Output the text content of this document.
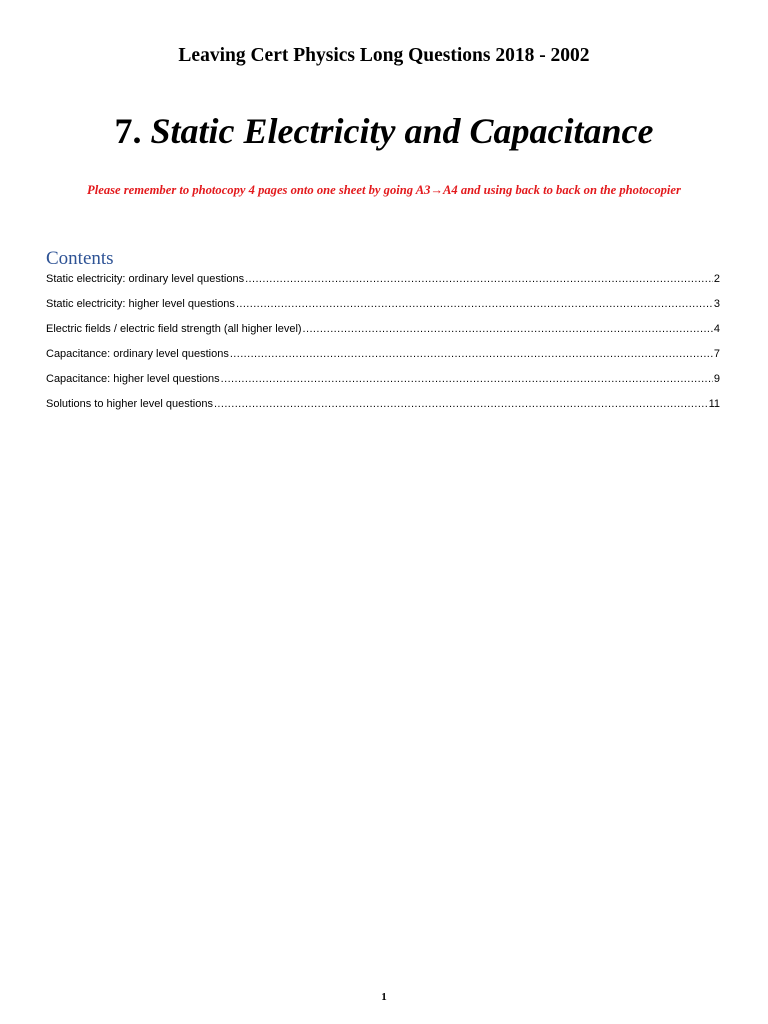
Leaving Cert Physics Long Questions 2018 - 2002
7. Static Electricity and Capacitance
Please remember to photocopy 4 pages onto one sheet by going A3→A4 and using back to back on the photocopier
Contents
Static electricity: ordinary level questions .....	2
Static electricity: higher level questions .....	3
Electric fields / electric field strength (all higher level) .....	4
Capacitance: ordinary level questions .....	7
Capacitance: higher level questions .....	9
Solutions to higher level questions .....	11
1
